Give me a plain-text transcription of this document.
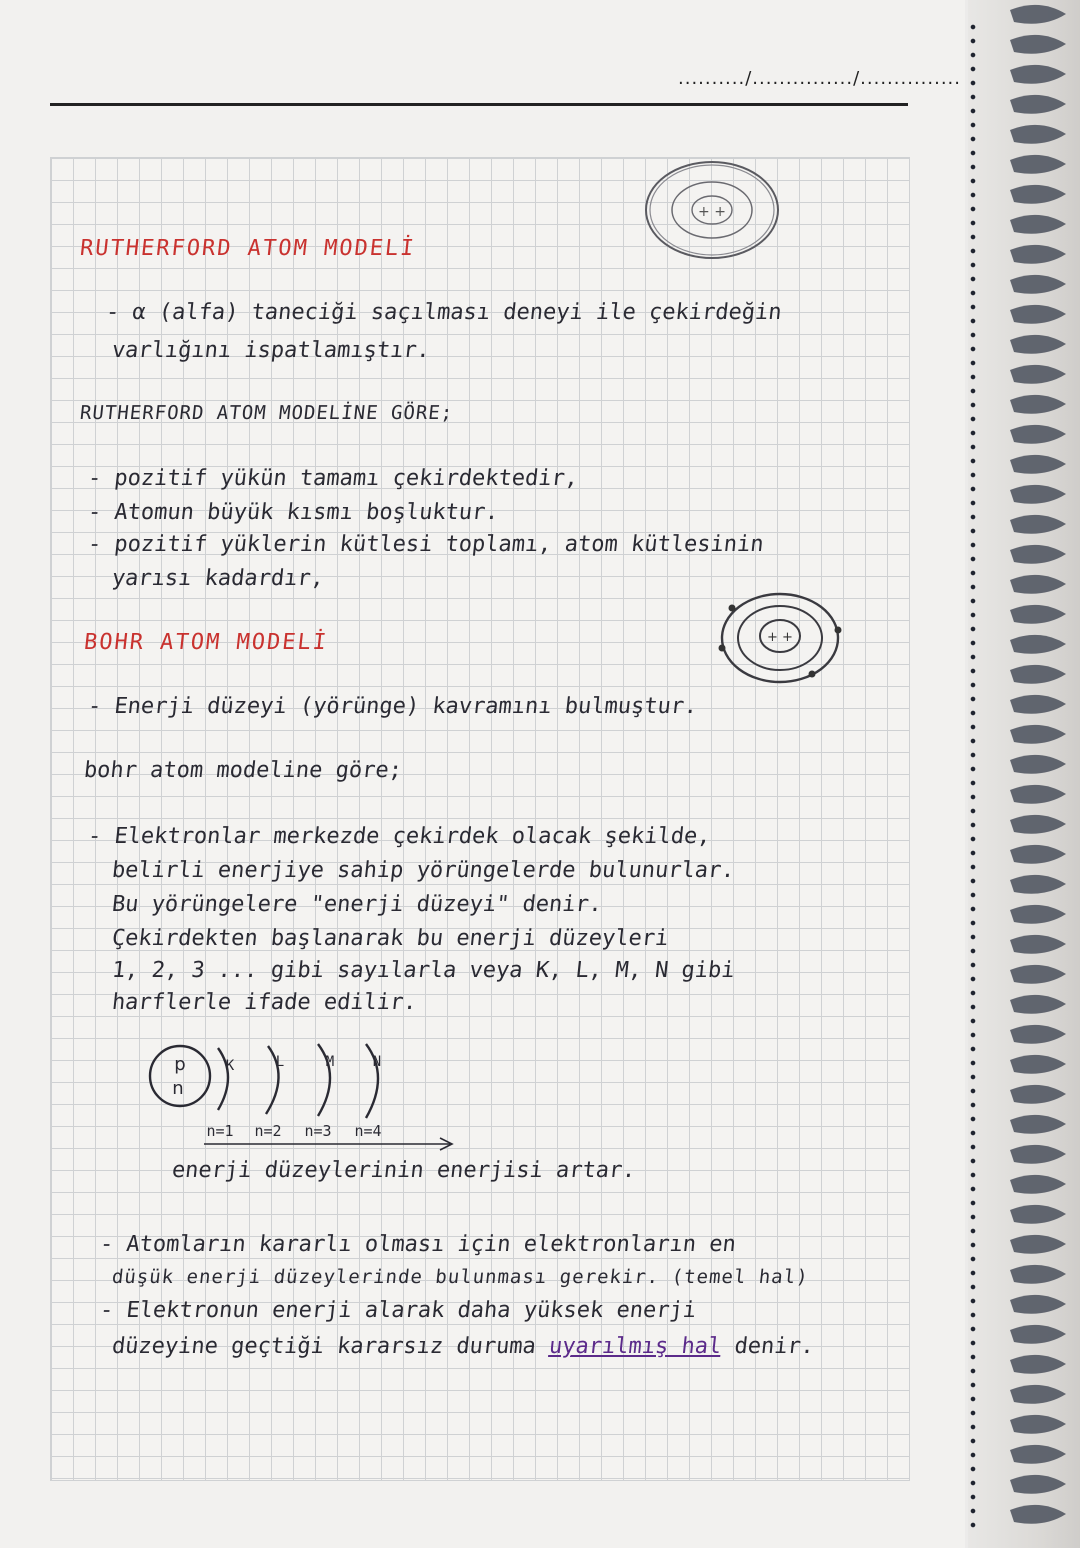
........../.............../...............
+ +
RUTHERFORD ATOM MODELİ
- α (alfa) taneciği saçılması deneyi ile çekirdeğin
varlığını ispatlamıştır.
RUTHERFORD ATOM MODELİNE GÖRE;
- pozitif yükün tamamı çekirdektedir,
- Atomun büyük kısmı boşluktur.
- pozitif yüklerin kütlesi toplamı, atom kütlesinin
yarısı kadardır,
+ +
BOHR ATOM MODELİ
- Enerji düzeyi (yörünge) kavramını bulmuştur.
bohr atom modeline göre;
- Elektronlar merkezde çekirdek olacak şekilde,
belirli enerjiye sahip yörüngelerde bulunurlar.
Bu yörüngelere "enerji düzeyi" denir.
Çekirdekten başlanarak bu enerji düzeyleri
1, 2, 3 ... gibi sayılarla veya K, L, M, N gibi
harflerle ifade edilir.
p
n
K	L	M	N
n=1 n=2 n=3 n=4
enerji düzeylerinin enerjisi artar.
- Atomların kararlı olması için elektronların en
düşük enerji düzeylerinde bulunması gerekir. (temel hal)
- Elektronun enerji alarak daha yüksek enerji
düzeyine geçtiği kararsız duruma uyarılmış hal denir.
